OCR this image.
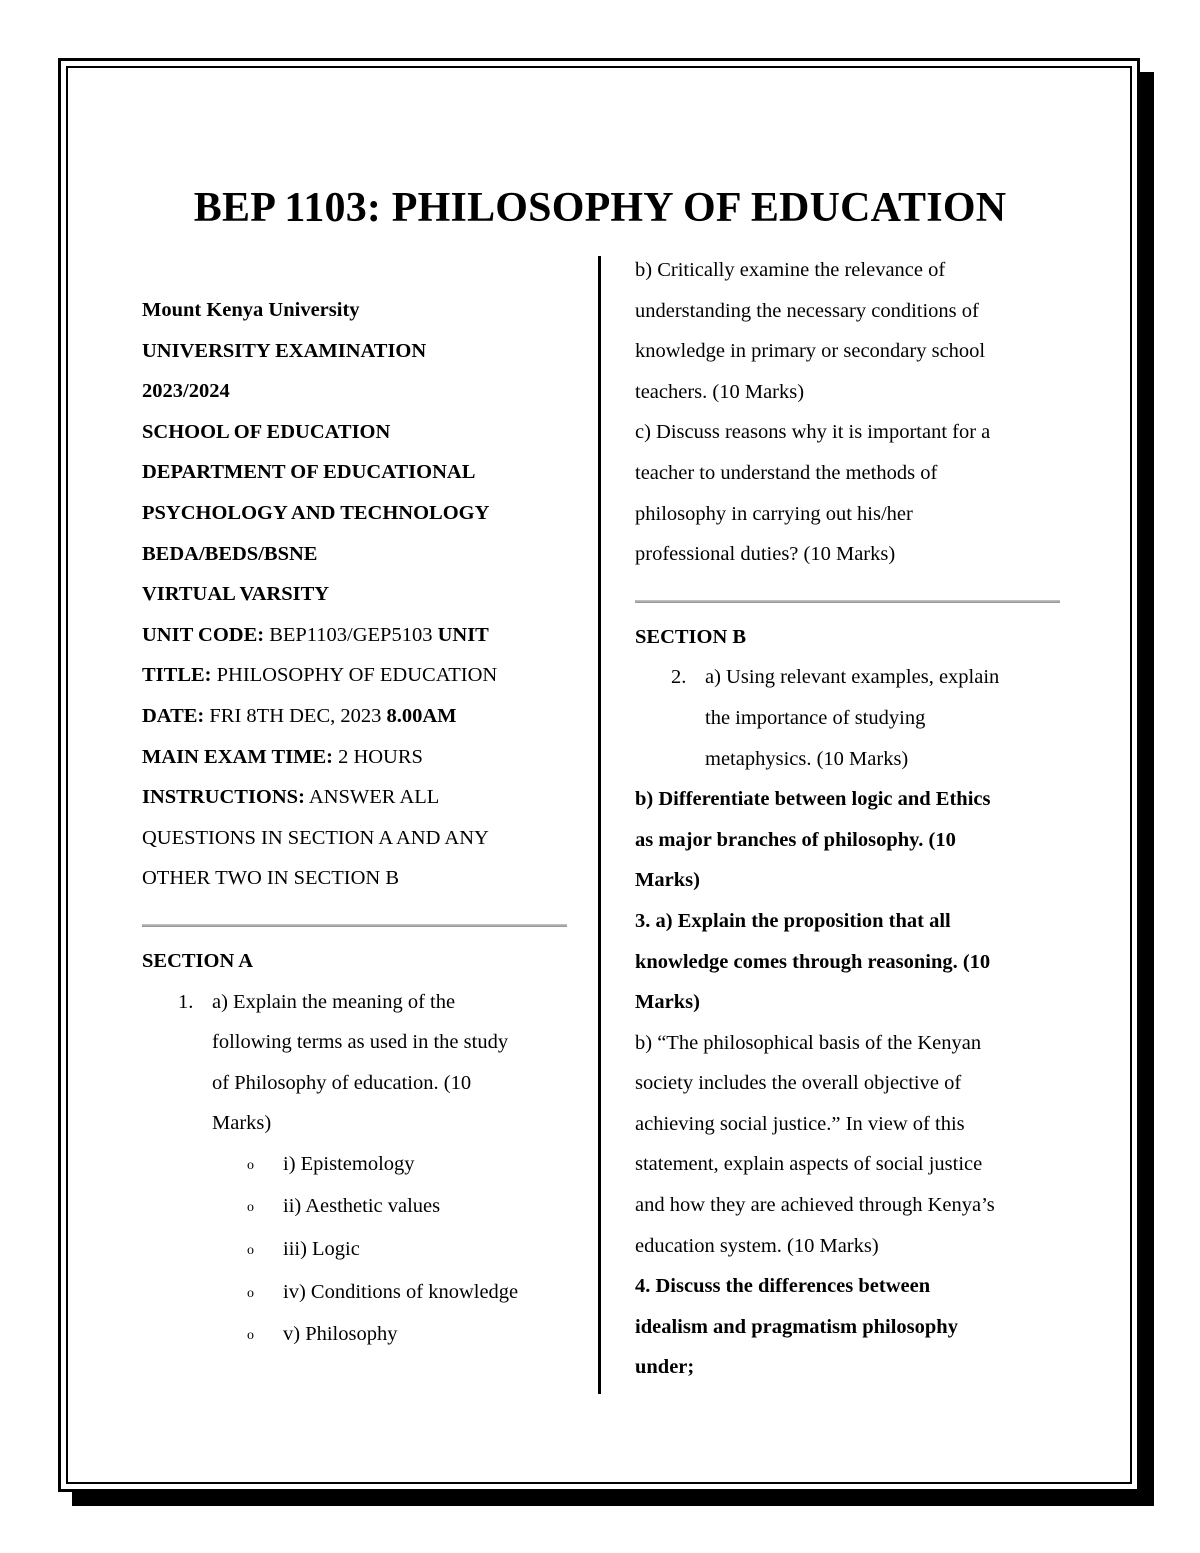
BEP 1103: PHILOSOPHY OF EDUCATION
Mount Kenya University
UNIVERSITY EXAMINATION
2023/2024
SCHOOL OF EDUCATION
DEPARTMENT OF EDUCATIONAL
PSYCHOLOGY AND TECHNOLOGY
BEDA/BEDS/BSNE
VIRTUAL VARSITY
UNIT CODE: BEP1103/GEP5103 UNIT
TITLE: PHILOSOPHY OF EDUCATION
DATE: FRI 8TH DEC, 2023 8.00AM
MAIN EXAM TIME: 2 HOURS
INSTRUCTIONS: ANSWER ALL
QUESTIONS IN SECTION A AND ANY
OTHER TWO IN SECTION B
SECTION A
1. a) Explain the meaning of the
following terms as used in the study
of Philosophy of education. (10
Marks)
o i) Epistemology
o ii) Aesthetic values
o iii) Logic
o iv) Conditions of knowledge
o v) Philosophy
b) Critically examine the relevance of
understanding the necessary conditions of
knowledge in primary or secondary school
teachers. (10 Marks)
c) Discuss reasons why it is important for a
teacher to understand the methods of
philosophy in carrying out his/her
professional duties? (10 Marks)
SECTION B
2. a) Using relevant examples, explain
the importance of studying
metaphysics. (10 Marks)
b) Differentiate between logic and Ethics
as major branches of philosophy. (10
Marks)
3. a) Explain the proposition that all
knowledge comes through reasoning. (10
Marks)
b) “The philosophical basis of the Kenyan
society includes the overall objective of
achieving social justice.” In view of this
statement, explain aspects of social justice
and how they are achieved through Kenya’s
education system. (10 Marks)
4. Discuss the differences between
idealism and pragmatism philosophy
under;
